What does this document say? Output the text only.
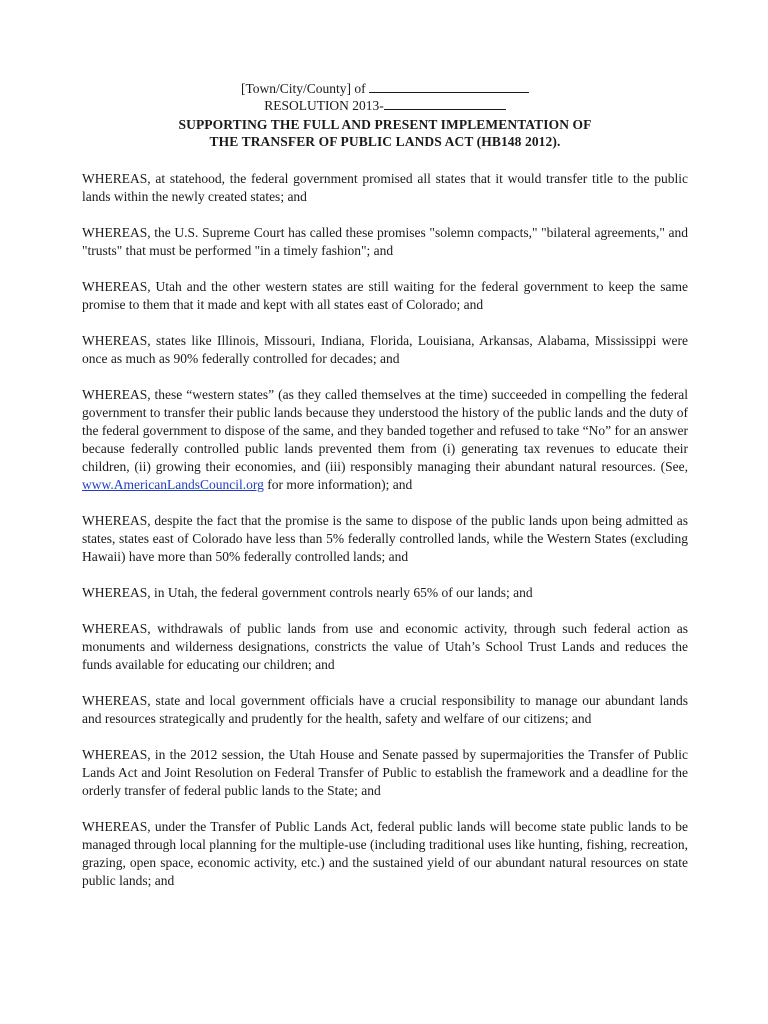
[Town/City/County] of
RESOLUTION 2013-
SUPPORTING THE FULL AND PRESENT IMPLEMENTATION OF
THE TRANSFER OF PUBLIC LANDS ACT (HB148 2012).

WHEREAS, at statehood, the federal government promised all states that it would transfer title to the public lands within the newly created states; and

WHEREAS, the U.S. Supreme Court has called these promises "solemn compacts," "bilateral agreements," and "trusts" that must be performed "in a timely fashion"; and

WHEREAS, Utah and the other western states are still waiting for the federal government to keep the same promise to them that it made and kept with all states east of Colorado; and

WHEREAS, states like Illinois, Missouri, Indiana, Florida, Louisiana, Arkansas, Alabama, Mississippi were once as much as 90% federally controlled for decades; and

WHEREAS, these “western states” (as they called themselves at the time) succeeded in compelling the federal government to transfer their public lands because they understood the history of the public lands and the duty of the federal government to dispose of the same, and they banded together and refused to take “No” for an answer because federally controlled public lands prevented them from (i) generating tax revenues to educate their children, (ii) growing their economies, and (iii) responsibly managing their abundant natural resources. (See, www.AmericanLandsCouncil.org for more information); and

WHEREAS, despite the fact that the promise is the same to dispose of the public lands upon being admitted as states, states east of Colorado have less than 5% federally controlled lands, while the Western States (excluding Hawaii) have more than 50% federally controlled lands; and

WHEREAS, in Utah, the federal government controls nearly 65% of our lands; and

WHEREAS, withdrawals of public lands from use and economic activity, through such federal action as monuments and wilderness designations, constricts the value of Utah’s School Trust Lands and reduces the funds available for educating our children; and

WHEREAS, state and local government officials have a crucial responsibility to manage our abundant lands and resources strategically and prudently for the health, safety and welfare of our citizens; and

WHEREAS, in the 2012 session, the Utah House and Senate passed by supermajorities the Transfer of Public Lands Act and Joint Resolution on Federal Transfer of Public to establish the framework and a deadline for the orderly transfer of federal public lands to the State; and

WHEREAS, under the Transfer of Public Lands Act, federal public lands will become state public lands to be managed through local planning for the multiple-use (including traditional uses like hunting, fishing, recreation, grazing, open space, economic activity, etc.) and the sustained yield of our abundant natural resources on state public lands; and
